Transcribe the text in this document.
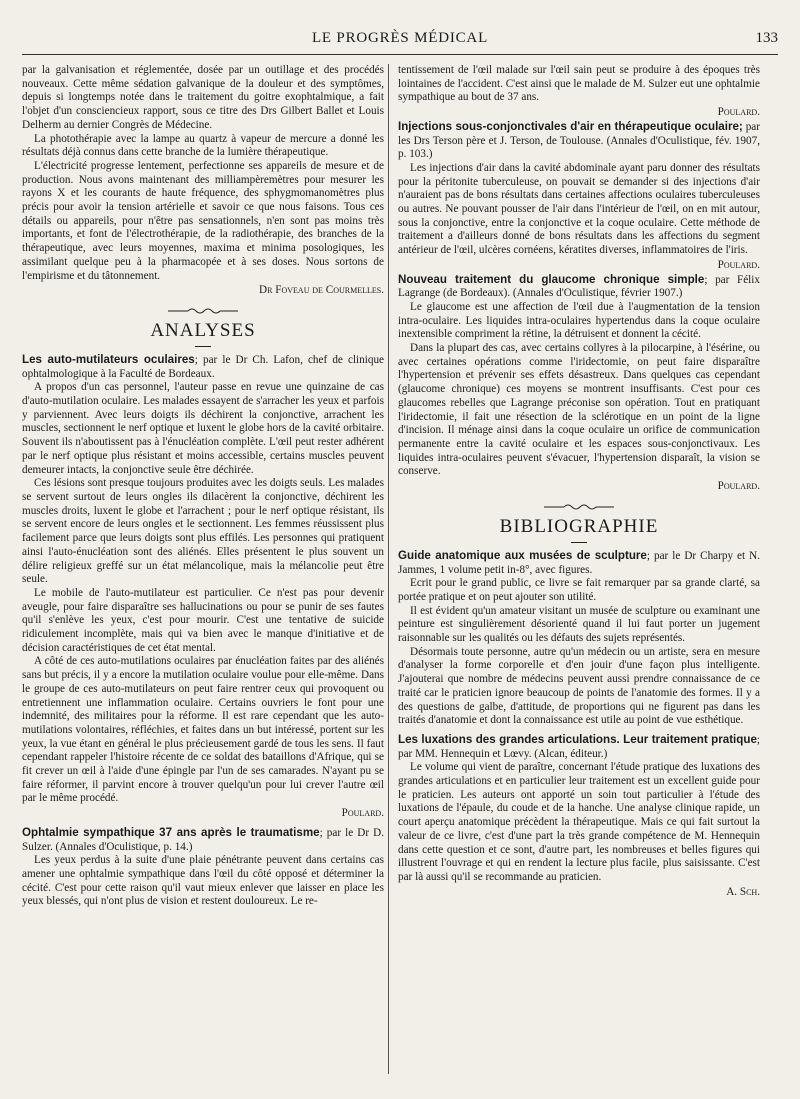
LE PROGRÈS MÉDICAL	133

par la galvanisation et réglementée, dosée par un outillage et des procédés nouveaux. Cette même sédation galvanique de la douleur et des symptômes, depuis si longtemps notée dans le traitement du goitre exophtalmique, a fait l'objet d'un consciencieux rapport, sous ce titre des Drs Gilbert Ballet et Louis Delherm au dernier Congrès de Médecine.

La photothérapie avec la lampe au quartz à vapeur de mercure a donné les résultats déjà connus dans cette branche de la lumière thérapeutique.

L'électricité progresse lentement, perfectionne ses appareils de mesure et de production. Nous avons maintenant des milliampèremètres pour mesurer les rayons X et les courants de haute fréquence, des sphygmomanomètres plus précis pour avoir la tension artérielle et savoir ce que nous faisons. Tous ces détails ou appareils, pour n'être pas sensationnels, n'en sont pas moins très importants, et font de l'électrothérapie, de la radiothérapie, des branches de la thérapeutique, avec leurs moyennes, maxima et minima posologiques, les assimilant quelque peu à la pharmacopée et à ses doses. Nous sortons de l'empirisme et du tâtonnement.

Dr Foveau de Courmelles.
ANALYSES

Les auto-mutilateurs oculaires; par le Dr Ch. Lafon, chef de clinique ophtalmologique à la Faculté de Bordeaux.

A propos d'un cas personnel, l'auteur passe en revue une quinzaine de cas d'auto-mutilation oculaire. Les malades essayent de s'arracher les yeux et parfois y parviennent. Avec leurs doigts ils déchirent la conjonctive, arrachent les muscles, sectionnent le nerf optique et luxent le globe hors de la cavité orbitaire. Souvent ils n'aboutissent pas à l'énucléation complète. L'œil peut rester adhérent par le nerf optique plus résistant et moins accessible, certains muscles peuvent demeurer intacts, la conjonctive seule être déchirée.

Ces lésions sont presque toujours produites avec les doigts seuls. Les malades se servent surtout de leurs ongles ils dilacèrent la conjonctive, déchirent les muscles droits, luxent le globe et l'arrachent ; pour le nerf optique résistant, ils se servent encore de leurs ongles et le sectionnent. Les femmes réussissent plus facilement parce que leurs doigts sont plus effilés. Les personnes qui pratiquent ainsi l'auto-énucléation sont des aliénés. Elles présentent le plus souvent un délire religieux greffé sur un état mélancolique, mais la mélancolie peut être seule.

Le mobile de l'auto-mutilateur est particulier. Ce n'est pas pour devenir aveugle, pour faire disparaître ses hallucinations ou pour se punir de ses fautes qu'il s'enlève les yeux, c'est pour mourir. C'est une tentative de suicide ridiculement incomplète, mais qui va bien avec le manque d'initiative et de décision caractéristiques de cet état mental.

A côté de ces auto-mutilations oculaires par énucléation faites par des aliénés sans but précis, il y a encore la mutilation oculaire voulue pour elle-même. Dans le groupe de ces auto-mutilateurs on peut faire rentrer ceux qui provoquent ou entretiennent une inflammation oculaire. Certains ouvriers le font pour une indemnité, des militaires pour la réforme. Il est rare cependant que les auto-mutilations volontaires, réfléchies, et faites dans un but intéressé, portent sur les yeux, la vue étant en général le plus précieusement gardé de tous les sens. Il faut cependant rappeler l'histoire récente de ce soldat des bataillons d'Afrique, qui se fit crever un œil à l'aide d'une épingle par l'un de ses camarades. N'ayant pu se faire réformer, il parvint encore à trouver quelqu'un pour lui crever l'autre œil par le même procédé.

Poulard.

Ophtalmie sympathique 37 ans après le traumatisme; par le Dr D. Sulzer. (Annales d'Oculistique, p. 14.)

Les yeux perdus à la suite d'une plaie pénétrante peuvent dans certains cas amener une ophtalmie sympathique dans l'œil du côté opposé et déterminer la cécité. C'est pour cette raison qu'il vaut mieux enlever que laisser en place les yeux blessés, qui n'ont plus de vision et restent douloureux. Le re-

tentissement de l'œil malade sur l'œil sain peut se produire à des époques très lointaines de l'accident. C'est ainsi que le malade de M. Sulzer eut une ophtalmie sympathique au bout de 37 ans.

Poulard.

Injections sous-conjonctivales d'air en thérapeutique oculaire; par les Drs Terson père et J. Terson, de Toulouse. (Annales d'Oculistique, fév. 1907, p. 103.)

Les injections d'air dans la cavité abdominale ayant paru donner des résultats pour la péritonite tuberculeuse, on pouvait se demander si des injections d'air n'auraient pas de bons résultats dans certaines affections oculaires tuberculeuses ou autres. Ne pouvant pousser de l'air dans l'intérieur de l'œil, on en mit autour, sous la conjonctive, entre la conjonctive et la coque oculaire. Cette méthode de traitement a d'ailleurs donné de bons résultats dans les affections du segment antérieur de l'œil, ulcères cornéens, kératites diverses, inflammatoires de l'iris.

Poulard.

Nouveau traitement du glaucome chronique simple; par Félix Lagrange (de Bordeaux). (Annales d'Oculistique, février 1907.)

Le glaucome est une affection de l'œil due à l'augmentation de la tension intra-oculaire. Les liquides intra-oculaires hypertendus dans la coque oculaire inextensible compriment la rétine, la détruisent et donnent la cécité.

Dans la plupart des cas, avec certains collyres à la pilocarpine, à l'ésérine, ou avec certaines opérations comme l'iridectomie, on peut faire disparaître l'hypertension et prévenir ses effets désastreux. Dans quelques cas cependant (glaucome chronique) ces moyens se montrent insuffisants. C'est pour ces glaucomes rebelles que Lagrange préconise son opération. Tout en pratiquant l'iridectomie, il fait une résection de la sclérotique en un point de la ligne d'incision. Il ménage ainsi dans la coque oculaire un orifice de communication permanente entre la cavité oculaire et les espaces sous-conjonctivaux. Les liquides intra-oculaires peuvent s'évacuer, l'hypertension disparaît, la vision se conserve.

Poulard.
BIBLIOGRAPHIE

Guide anatomique aux musées de sculpture; par le Dr Charpy et N. Jammes, 1 volume petit in-8°, avec figures.

Ecrit pour le grand public, ce livre se fait remarquer par sa grande clarté, sa portée pratique et on peut ajouter son utilité.

Il est évident qu'un amateur visitant un musée de sculpture ou examinant une peinture est singulièrement désorienté quand il lui faut porter un jugement raisonnable sur les qualités ou les défauts des sujets représentés.

Désormais toute personne, autre qu'un médecin ou un artiste, sera en mesure d'analyser la forme corporelle et d'en jouir d'une façon plus intelligente. J'ajouterai que nombre de médecins peuvent aussi prendre connaissance de ce traité car le praticien ignore beaucoup de points de l'anatomie des formes. Il y a des questions de galbe, d'attitude, de proportions qui ne figurent pas dans les traités d'anatomie et dont la connaissance est utile au point de vue esthétique.

Les luxations des grandes articulations. Leur traitement pratique; par MM. Hennequin et Lœvy. (Alcan, éditeur.)

Le volume qui vient de paraître, concernant l'étude pratique des luxations des grandes articulations et en particulier leur traitement est un excellent guide pour le praticien. Les auteurs ont apporté un soin tout particulier à l'étude des luxations de l'épaule, du coude et de la hanche. Une analyse clinique rapide, un court aperçu anatomique précèdent la thérapeutique. Mais ce qui fait surtout la valeur de ce livre, c'est d'une part la très grande compétence de M. Hennequin dans cette question et ce sont, d'autre part, les nombreuses et belles figures qui illustrent l'ouvrage et qui en rendent la lecture plus facile, plus saisissante. C'est par là aussi qu'il se recommande au praticien.

A. Sch.
